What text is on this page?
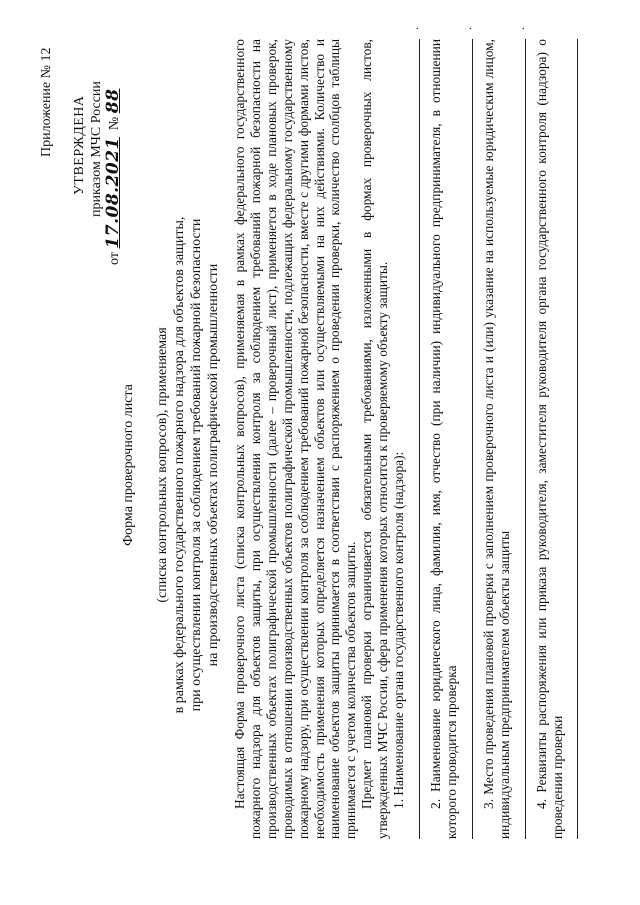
Приложение № 12 УТВЕРЖДЕНА приказом МЧС России
от 17.08.2021  № 88
Форма проверочного листа (списка контрольных вопросов), применяемая в рамках федерального государственного пожарного надзора для объектов защиты, при осуществлении контроля за соблюдением требований пожарной безопасности на производственных объектах полиграфической промышленности Настоящая Форма проверочного листа (списка контрольных вопросов), применяемая в рамках федерального государственного пожарного надзора для объектов защиты, при осуществлении контроля за соблюдением требований пожарной безопасности на производственных объектах полиграфической промышленности (далее – проверочный лист), применяется в ходе плановых проверок, проводимых в отношении производственных объектов полиграфической промышленности, подлежащих федеральному государственному пожарному надзору, при осуществлении контроля за соблюдением требований пожарной безопасности, вместе с другими формами листов, необходимость применения которых определяется назначением объектов или осуществляемыми на них действиями. Количество и наименование объектов защиты принимается в соответствии с распоряжением о проведении проверки, количество столбцов таблицы принимается с учетом количества объектов защиты. Предмет плановой проверки ограничивается обязательными требованиями, изложенными в формах проверочных листов, утвержденных МЧС России, сфера применения которых относится к проверяемому объекту защиты. 1. Наименование органа государственного контроля (надзора):

.

2. Наименование юридического лица, фамилия, имя, отчество (при наличии) индивидуального предпринимателя, в отношении которого проводится проверка

.

3. Место проведения плановой проверки с заполнением проверочного листа и (или) указание на используемые юридическим лицом, индивидуальным предпринимателем объекты защиты

.

4. Реквизиты распоряжения или приказа руководителя, заместителя руководителя органа государственного контроля (надзора) о проведении проверки
